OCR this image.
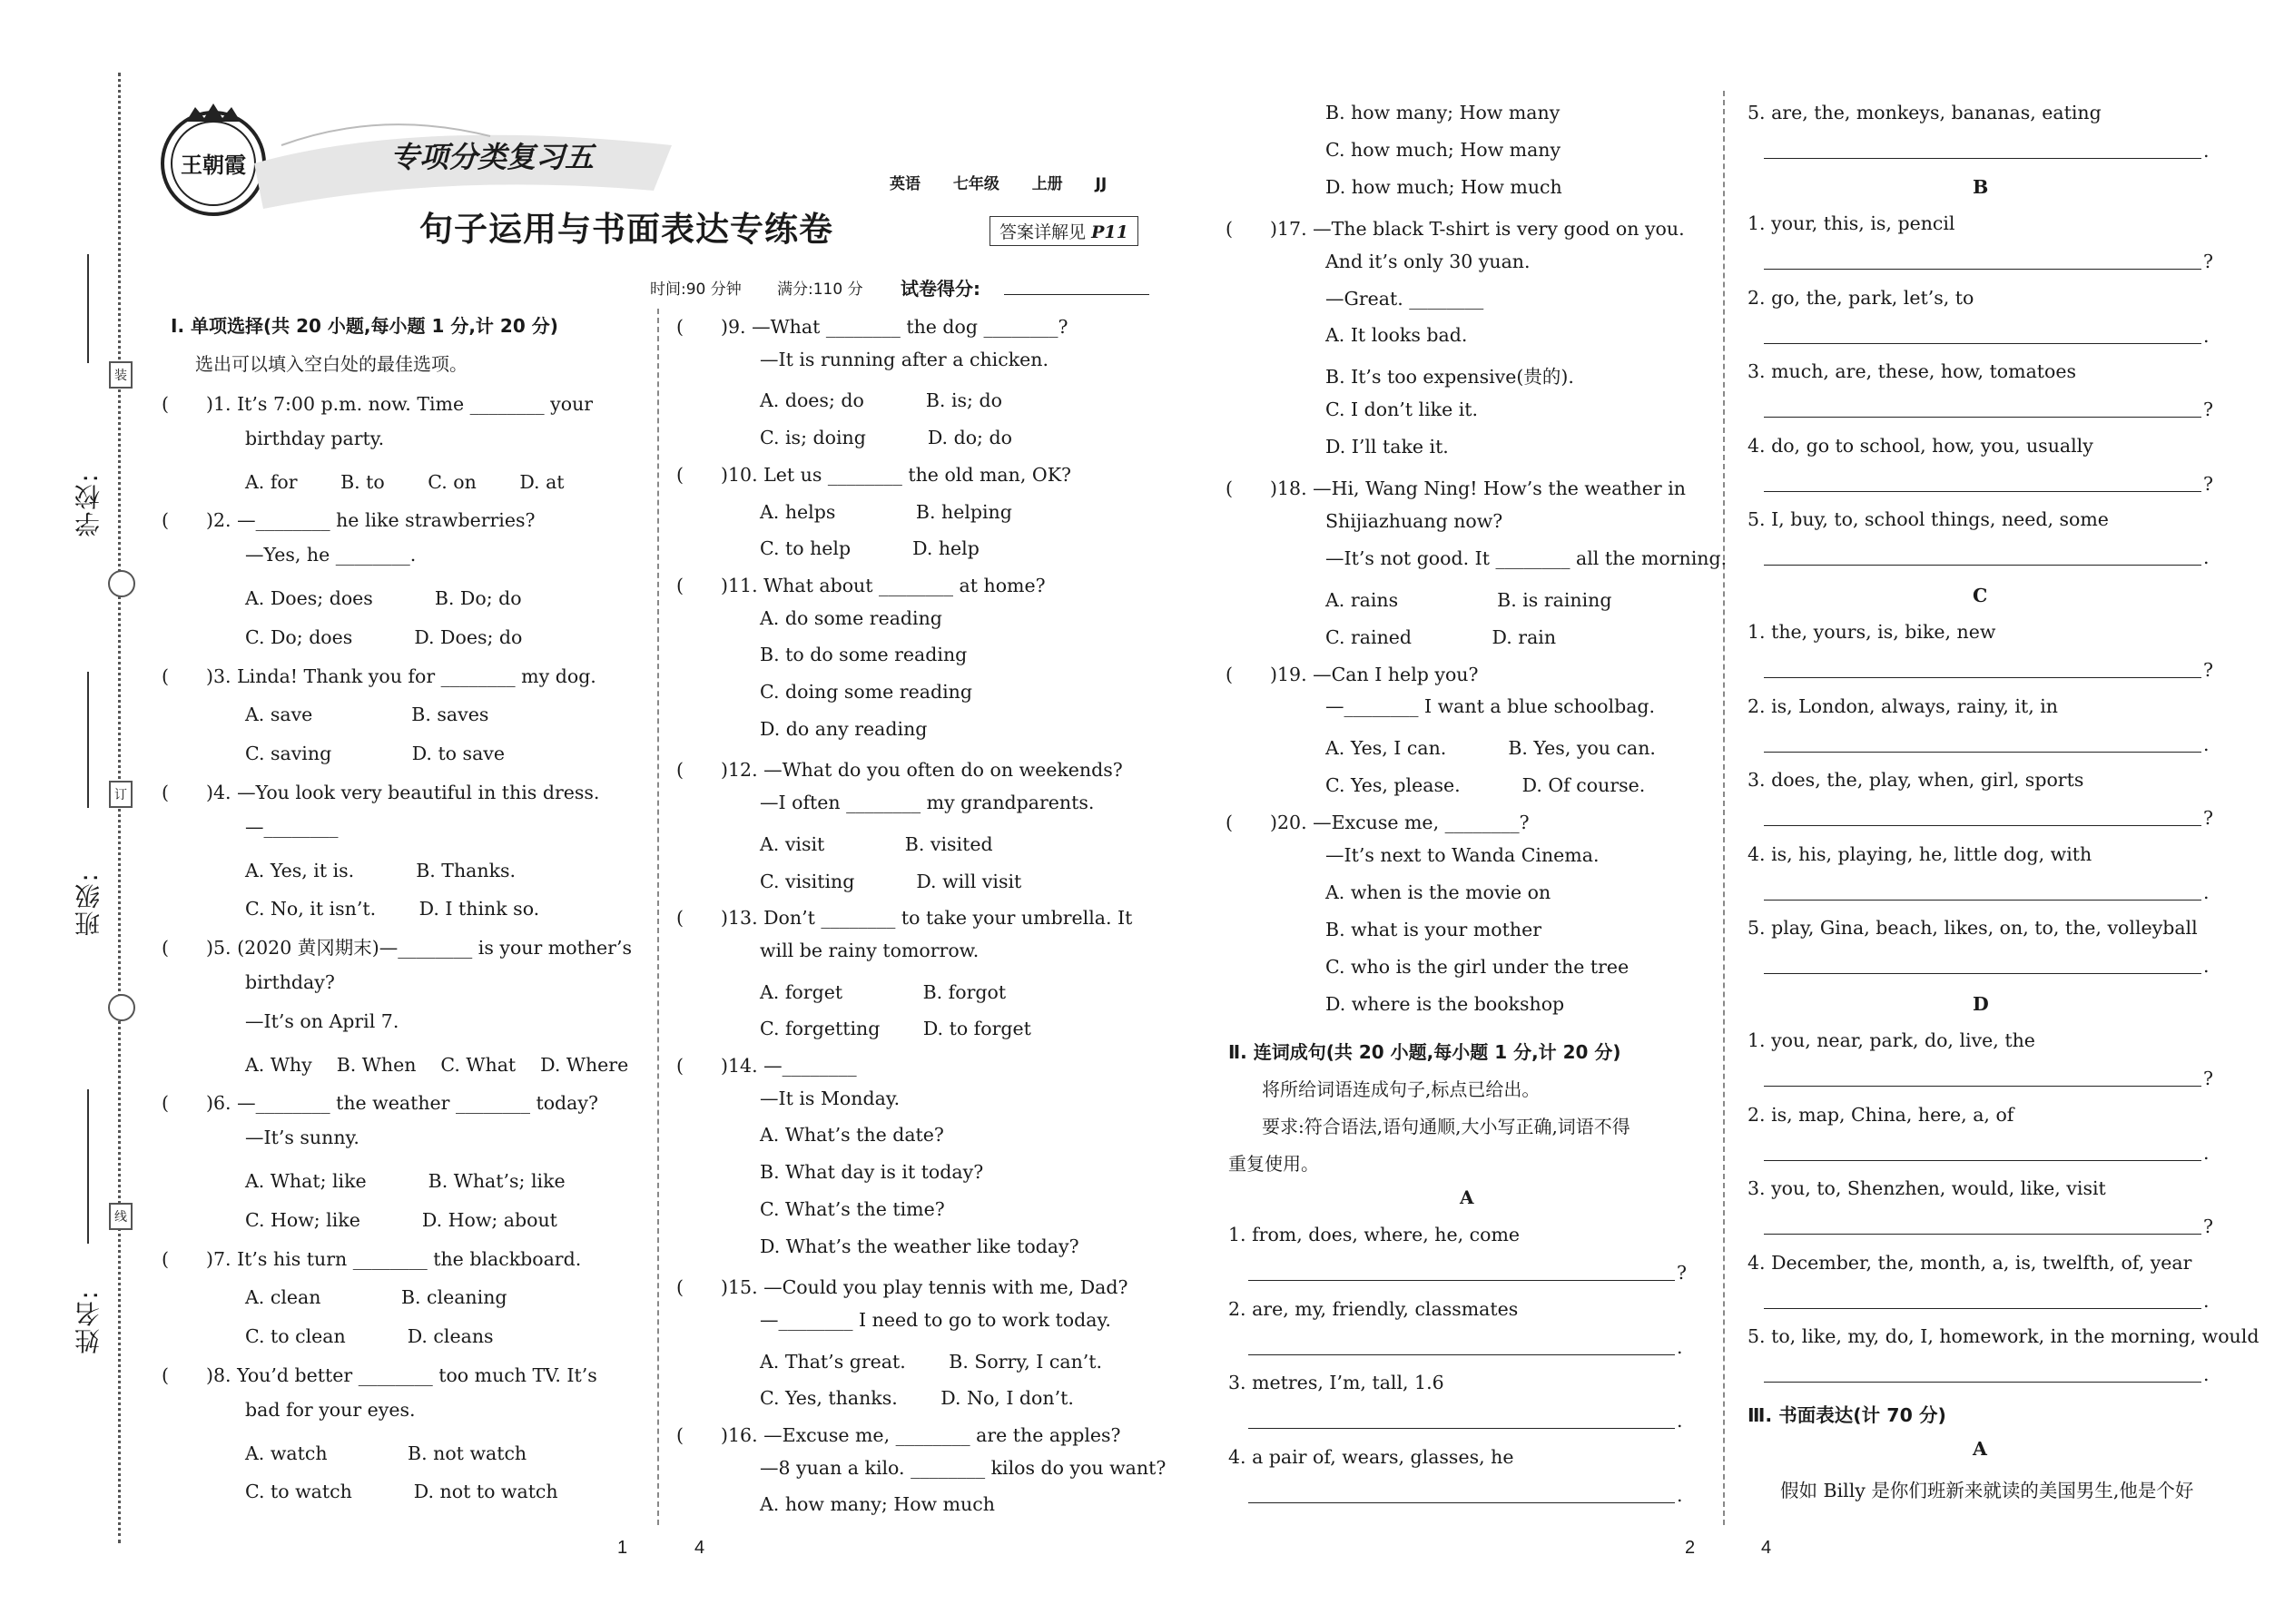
学校:
班级:
姓名:
装
订
线
王朝霞	专项分类复习五
句子运用与书面表达专练卷
英语 七年级 上册 JJ
答案详解见 P11
时间:90 分钟 满分:110 分 试卷得分:
Ⅰ. 单项选择(共 20 小题,每小题 1 分,计 20 分)
选出可以填入空白处的最佳选项。
(　　)1. It’s 7:00 p.m. now. Time ________ your
birthday party.
A. for　　 B. to　　 C. on　　 D. at
(　　)2. —________ he like strawberries?
—Yes, he ________.
A. Does; does　　　 B. Do; do
C. Do; does　　　 D. Does; do
(　　)3. Linda! Thank you for ________ my dog.
A. save　　　　　 B. saves
C. saving　　　　 D. to save
(　　)4. —You look very beautiful in this dress.
—________
A. Yes, it is.　　　 B. Thanks.
C. No, it isn’t.　　 D. I think so.
(　　)5. (2020 黄冈期末)—________ is your mother’s
birthday?
—It’s on April 7.
A. Why　 B. When　 C. What　 D. Where
(　　)6. —________ the weather ________ today?
—It’s sunny.
A. What; like　　　 B. What’s; like
C. How; like　　　 D. How; about
(　　)7. It’s his turn ________ the blackboard.
A. clean　　　　 B. cleaning
C. to clean　　　 D. cleans
(　　)8. You’d better ________ too much TV. It’s
bad for your eyes.
A. watch　　　　 B. not watch
C. to watch　　　 D. not to watch
(　　)9. —What ________ the dog ________?
—It is running after a chicken.
A. does; do　　　 B. is; do
C. is; doing　　　 D. do; do
(　　)10. Let us ________ the old man, OK?
A. helps　　　　 B. helping
C. to help　　　 D. help
(　　)11. What about ________ at home?
A. do some reading
B. to do some reading
C. doing some reading
D. do any reading
(　　)12. —What do you often do on weekends?
—I often ________ my grandparents.
A. visit　　　　 B. visited
C. visiting　　　 D. will visit
(　　)13. Don’t ________ to take your umbrella. It
will be rainy tomorrow.
A. forget　　　　 B. forgot
C. forgetting　　 D. to forget
(　　)14. —________
—It is Monday.
A. What’s the date?
B. What day is it today?
C. What’s the time?
D. What’s the weather like today?
(　　)15. —Could you play tennis with me, Dad?
—________ I need to go to work today.
A. That’s great.　　 B. Sorry, I can’t.
C. Yes, thanks.　　 D. No, I don’t.
(　　)16. —Excuse me, ________ are the apples?
—8 yuan a kilo. ________ kilos do you want?
A. how many; How much
B. how many; How many
C. how much; How many
D. how much; How much
(　　)17. —The black T-shirt is very good on you.
And it’s only 30 yuan.
—Great. ________
A. It looks bad.
B. It’s too expensive(贵的).
C. I don’t like it.
D. I’ll take it.
(　　)18. —Hi, Wang Ning! How’s the weather in
Shijiazhuang now?
—It’s not good. It ________ all the morning.
A. rains　　　　　 B. is raining
C. rained　　　　 D. rain
(　　)19. —Can I help you?
—________ I want a blue schoolbag.
A. Yes, I can.　　　 B. Yes, you can.
C. Yes, please.　　　 D. Of course.
(　　)20. —Excuse me, ________?
—It’s next to Wanda Cinema.
A. when is the movie on
B. what is your mother
C. who is the girl under the tree
D. where is the bookshop
Ⅱ. 连词成句(共 20 小题,每小题 1 分,计 20 分)
将所给词语连成句子,标点已给出。
要求:符合语法,语句通顺,大小写正确,词语不得
重复使用。
A
1. from, does, where, he, come
?
2. are, my, friendly, classmates
.
3. metres, I’m, tall, 1.6
.
4. a pair of, wears, glasses, he
.
5. are, the, monkeys, bananas, eating
.
B
1. your, this, is, pencil
?
2. go, the, park, let’s, to
.
3. much, are, these, how, tomatoes
?
4. do, go to school, how, you, usually
?
5. I, buy, to, school things, need, some
.
C
1. the, yours, is, bike, new
?
2. is, London, always, rainy, it, in
.
3. does, the, play, when, girl, sports
?
4. is, his, playing, he, little dog, with
.
5. play, Gina, beach, likes, on, to, the, volleyball
.
D
1. you, near, park, do, live, the
?
2. is, map, China, here, a, of
.
3. you, to, Shenzhen, would, like, visit
?
4. December, the, month, a, is, twelfth, of, year
.
5. to, like, my, do, I, homework, in the morning, would
.
Ⅲ. 书面表达(计 70 分)
A
假如 Billy 是你们班新来就读的美国男生,他是个好
1	4	2	4
